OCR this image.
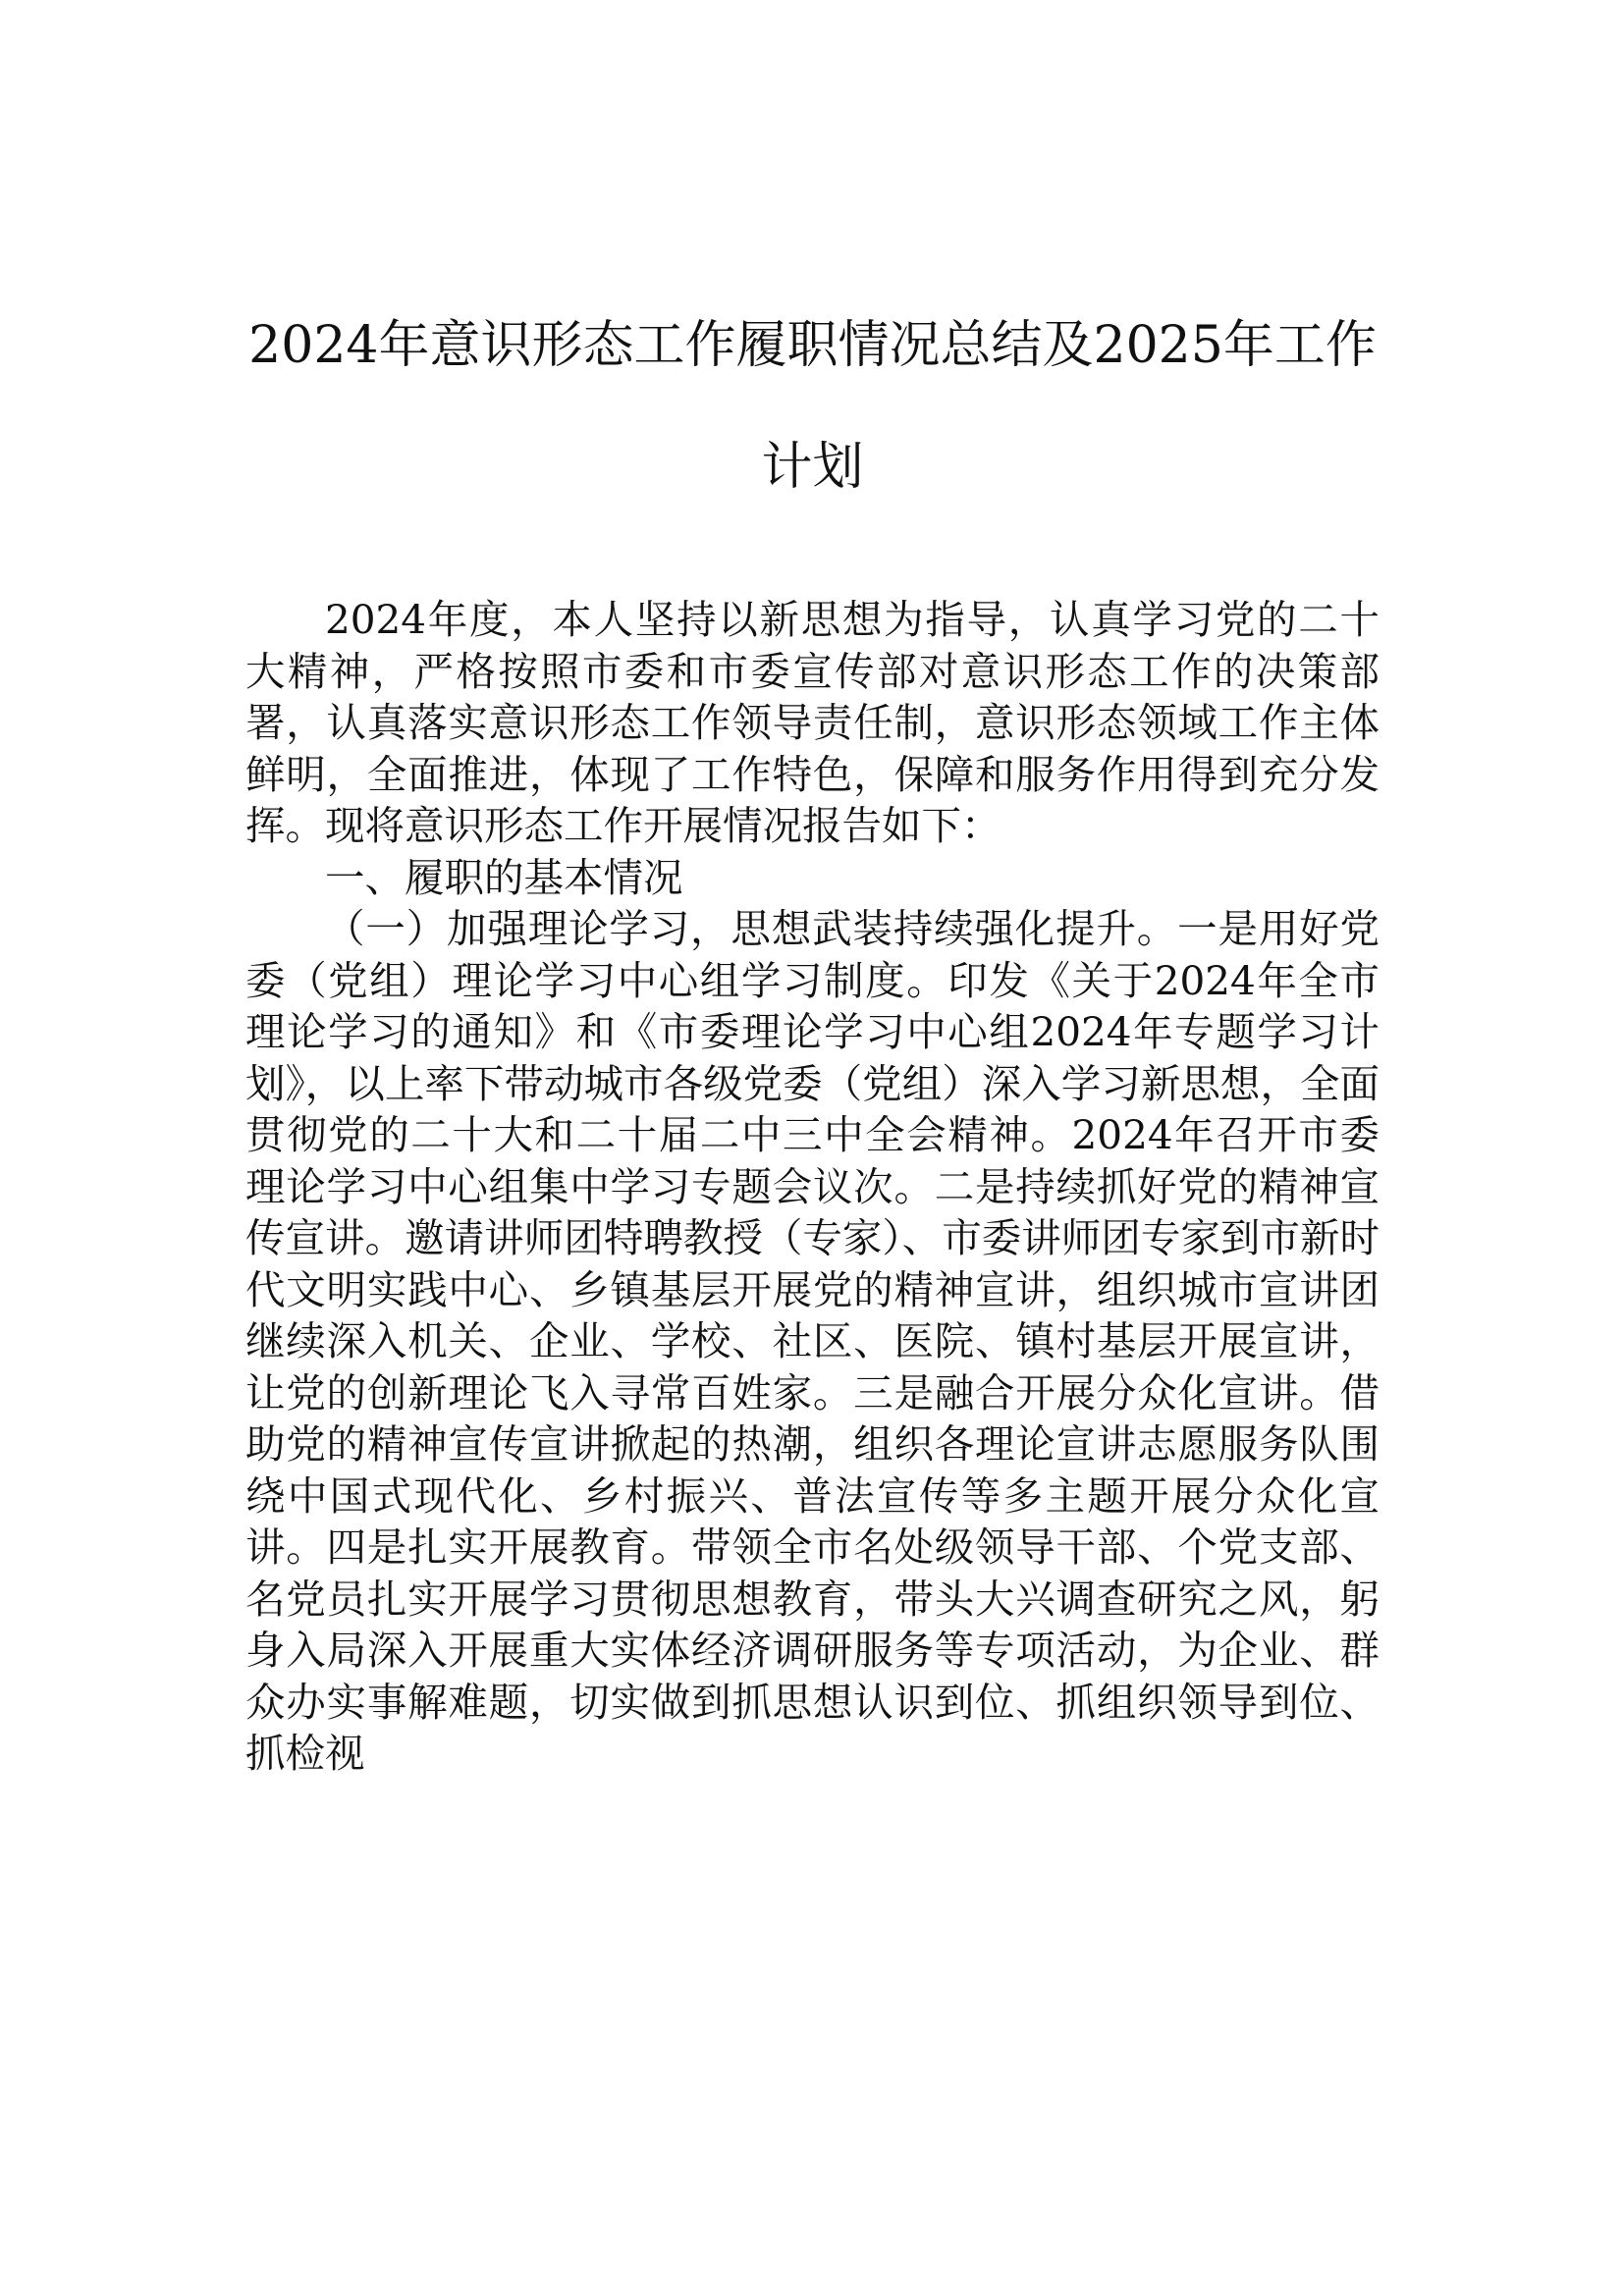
2024年意识形态工作履职情况总结及2025年工作计划

2024年度，本人坚持以新思想为指导，认真学习党的二十大精神，严格按照市委和市委宣传部对意识形态工作的决策部署，认真落实意识形态工作领导责任制，意识形态领域工作主体鲜明，全面推进，体现了工作特色，保障和服务作用得到充分发挥。现将意识形态工作开展情况报告如下：

一、履职的基本情况

（一）加强理论学习，思想武装持续强化提升。一是用好党委（党组）理论学习中心组学习制度。印发《关于2024年全市理论学习的通知》和《市委理论学习中心组2024年专题学习计划》，以上率下带动城市各级党委（党组）深入学习新思想，全面贯彻党的二十大和二十届二中三中全会精神。2024年召开市委理论学习中心组集中学习专题会议次。二是持续抓好党的精神宣传宣讲。邀请讲师团特聘教授（专家）、市委讲师团专家到市新时代文明实践中心、乡镇基层开展党的精神宣讲，组织城市宣讲团继续深入机关、企业、学校、社区、医院、镇村基层开展宣讲，让党的创新理论飞入寻常百姓家。三是融合开展分众化宣讲。借助党的精神宣传宣讲掀起的热潮，组织各理论宣讲志愿服务队围绕中国式现代化、乡村振兴、普法宣传等多主题开展分众化宣讲。四是扎实开展教育。带领全市名处级领导干部、个党支部、名党员扎实开展学习贯彻思想教育，带头大兴调查研究之风，躬身入局深入开展重大实体经济调研服务等专项活动，为企业、群众办实事解难题，切实做到抓思想认识到位、抓组织领导到位、抓检视
